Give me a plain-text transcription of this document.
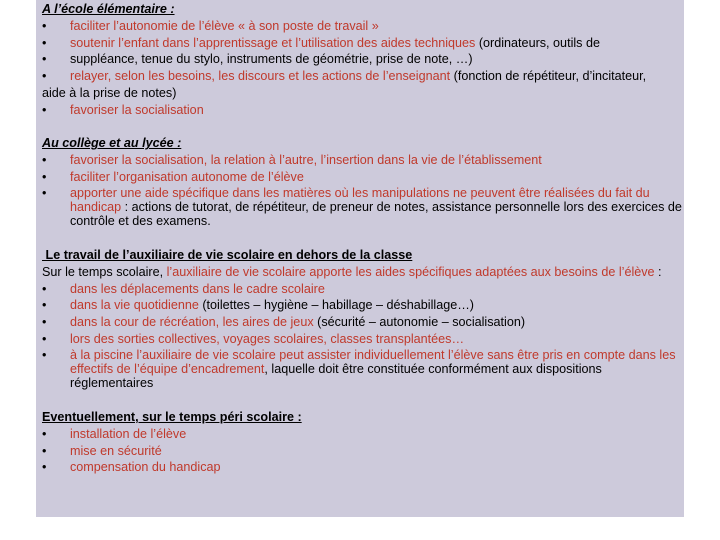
A l’école élémentaire :
• faciliter l’autonomie de l’élève « à son poste de travail »
• soutenir l’enfant dans l’apprentissage et l’utilisation des aides techniques (ordinateurs, outils de
• suppléance, tenue du stylo, instruments de géométrie, prise de note, …)
• relayer, selon les besoins, les discours et les actions de l’enseignant (fonction de répétiteur, d’incitateur,
aide à la prise de notes)
• favoriser la socialisation
Au collège et au lycée :
• favoriser la socialisation, la relation à l’autre, l’insertion dans la vie de l’établissement
• faciliter l’organisation autonome de l’élève
• apporter une aide spécifique dans les matières où les manipulations ne peuvent être réalisées du fait du handicap : actions de tutorat, de répétiteur, de preneur de notes, assistance personnelle lors des exercices de contrôle et des examens.
Le travail de l’auxiliaire de vie scolaire en dehors de la classe
Sur le temps scolaire, l’auxiliaire de vie scolaire apporte les aides spécifiques adaptées aux besoins de l’élève :
• dans les déplacements dans le cadre scolaire
• dans la vie quotidienne (toilettes – hygiène – habillage – déshabillage…)
• dans la cour de récréation, les aires de jeux (sécurité – autonomie – socialisation)
• lors des sorties collectives, voyages scolaires, classes transplantées…
• à la piscine l’auxiliaire de vie scolaire peut assister individuellement l’élève sans être pris en compte dans les effectifs de l’équipe d’encadrement, laquelle doit être constituée conformément aux dispositions réglementaires
Eventuellement, sur le temps péri scolaire :
• installation de l’élève
• mise en sécurité
• compensation du handicap
